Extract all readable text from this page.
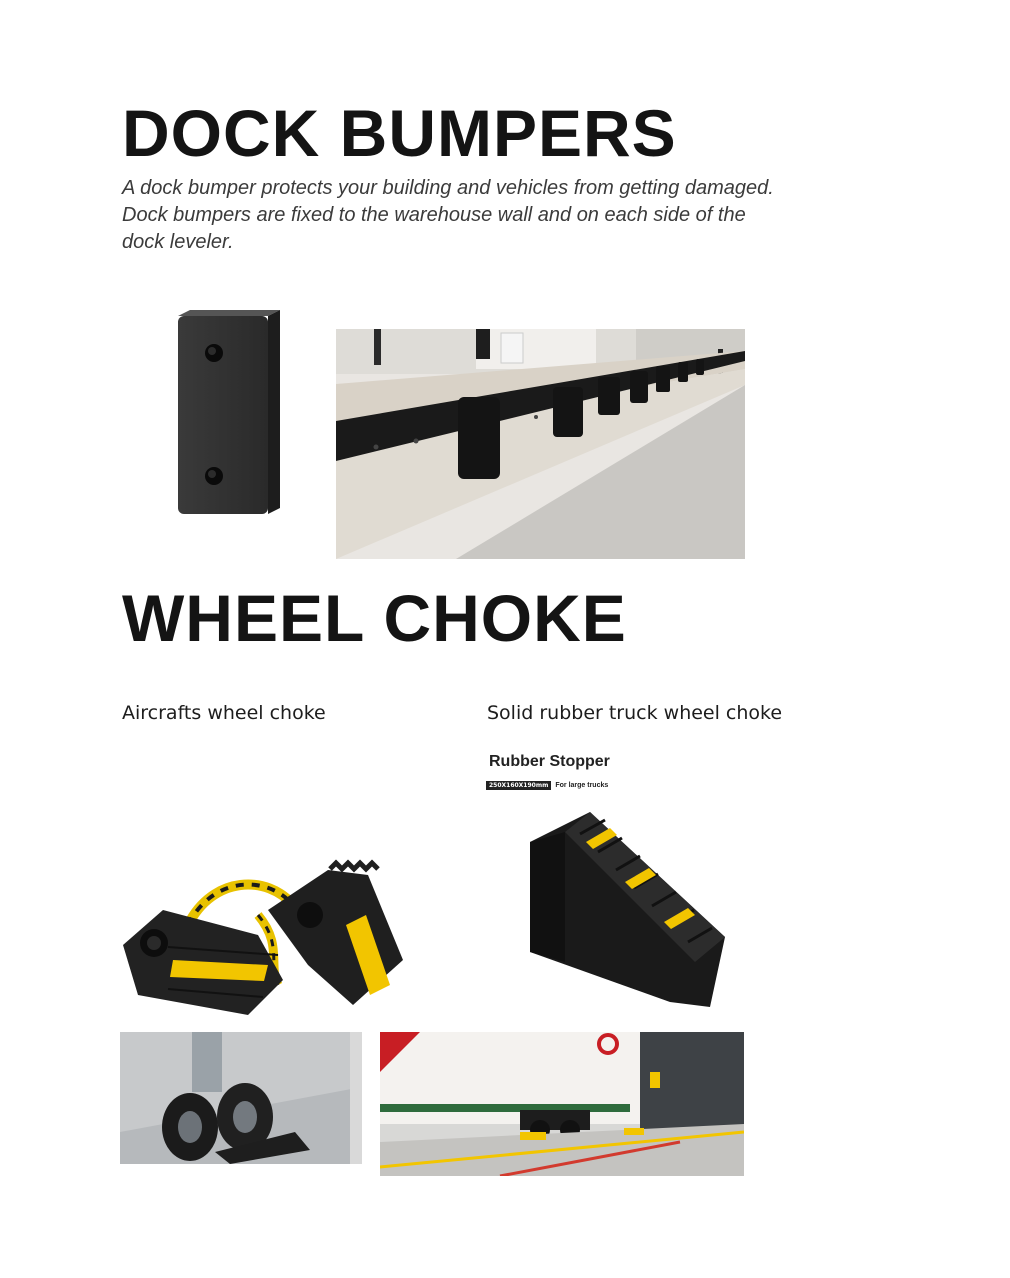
DOCK BUMPERS
A dock bumper protects your building and vehicles from getting damaged.
Dock bumpers are fixed to the warehouse wall and on each side of the
dock leveler.
WHEEL CHOKE
Aircrafts wheel choke	Solid rubber truck wheel choke
Rubber Stopper
250X160X190mm	For large trucks
